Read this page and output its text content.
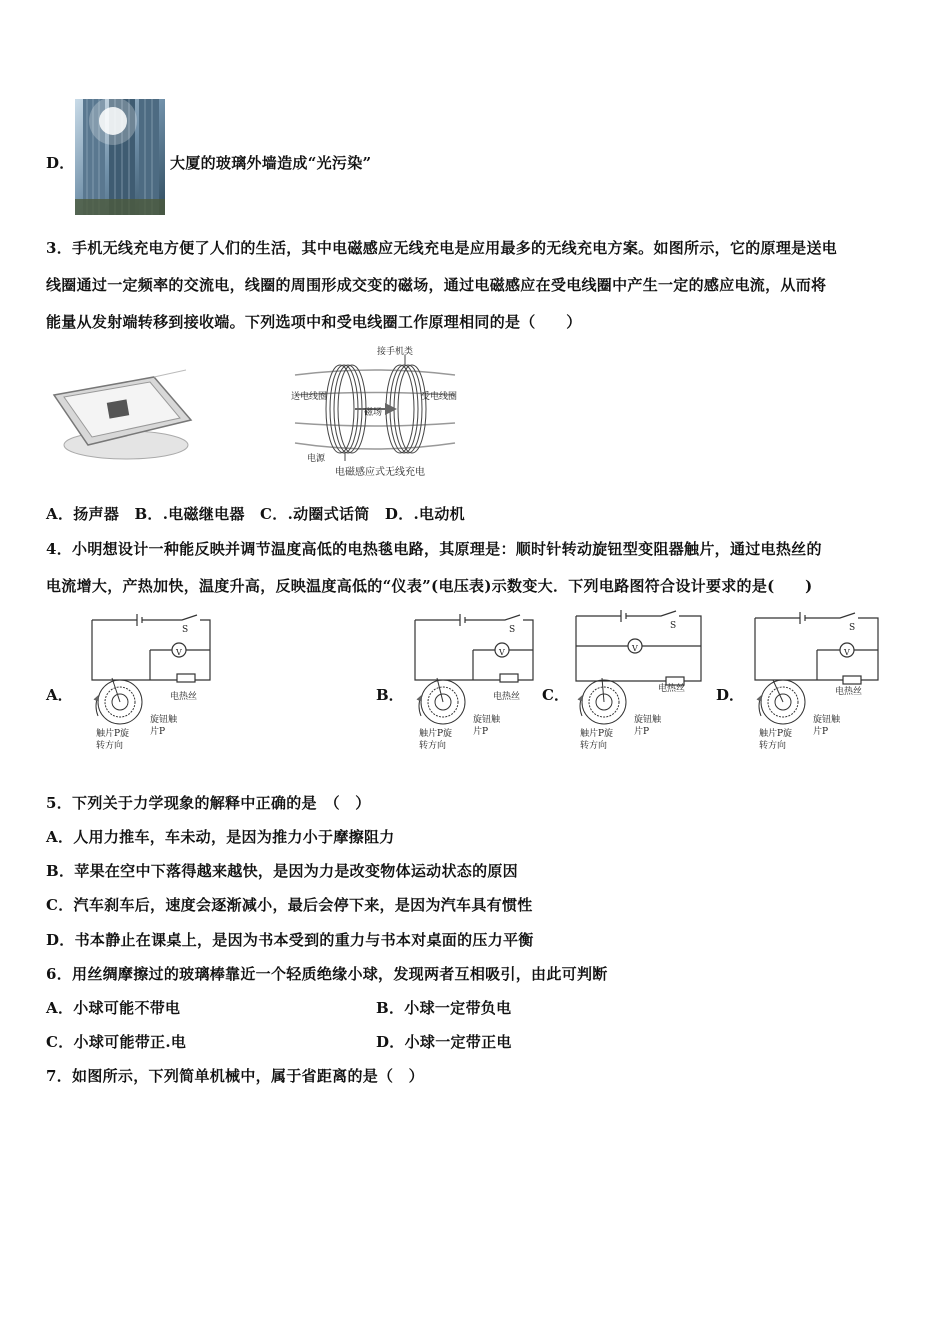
D．	大厦的玻璃外墙造成“光污染”
3．手机无线充电方便了人们的生活，其中电磁感应无线充电是应用最多的无线充电方案。如图所示，它的原理是送电
线圈通过一定频率的交流电，线圈的周围形成交变的磁场，通过电磁感应在受电线圈中产生一定的感应电流，从而将
能量从发射端转移到接收端。下列选项中和受电线圈工作原理相同的是（　　）
接手机类
送电线圈	受电线圈
磁场
电源
电磁感应式无线充电
A．扬声器　B．.电磁继电器　C．.动圈式话筒　D．.电动机
4．小明想设计一种能反映并调节温度高低的电热毯电路，其原理是：顺时针转动旋钮型变阻器触片，通过电热丝的
电流增大，产热加快，温度升高，反映温度高低的“仪表”(电压表)示数变大．下列电路图符合设计要求的是(　　)
A．	B．	C．	D．
V
S
电热丝
旋钮触
片P
触片P旋
转方向
V
S
电热丝
旋钮触
片P
触片P旋
转方向
V
S
电热丝
旋钮触
片P
触片P旋
转方向
V
S
电热丝
旋钮触
片P
触片P旋
转方向
5．下列关于力学现象的解释中正确的是　（　）
A．人用力推车，车未动，是因为推力小于摩擦阻力
B．苹果在空中下落得越来越快，是因为力是改变物体运动状态的原因
C．汽车刹车后，速度会逐渐减小，最后会停下来，是因为汽车具有惯性
D．书本静止在课桌上，是因为书本受到的重力与书本对桌面的压力平衡
6．用丝绸摩擦过的玻璃棒靠近一个轻质绝缘小球，发现两者互相吸引，由此可判断
A．小球可能不带电	B．小球一定带负电
C．小球可能带正.电	D．小球一定带正电
7．如图所示，下列简单机械中，属于省距离的是（　）
